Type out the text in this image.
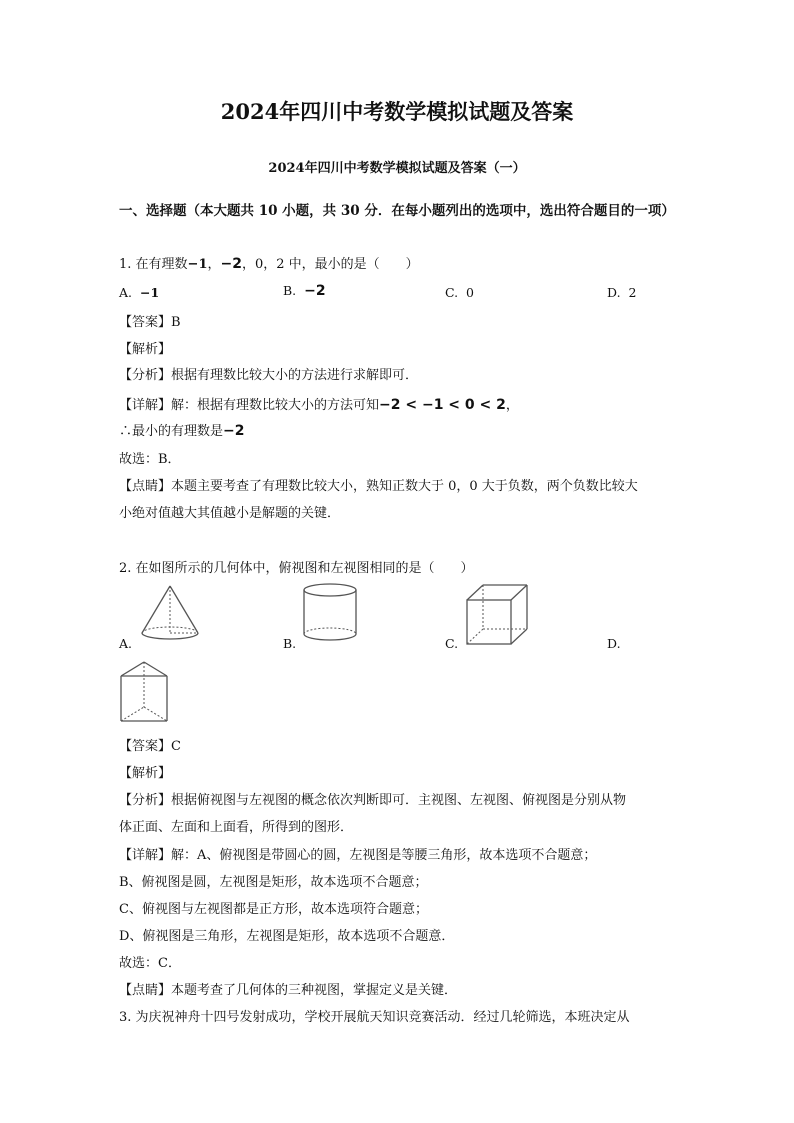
2024年四川中考数学模拟试题及答案
2024年四川中考数学模拟试题及答案（一）
一、选择题（本大题共 10 小题，共 30 分．在每小题列出的选项中，选出符合题目的一项）
1. 在有理数−1，−2，0，2 中，最小的是（　　）
A. −1	B. −2	C. 0	D. 2
【答案】B
【解析】
【分析】根据有理数比较大小的方法进行求解即可．
【详解】解：根据有理数比较大小的方法可知−2 < −1 < 0 < 2，
∴最小的有理数是−2
故选：B．
【点睛】本题主要考查了有理数比较大小，熟知正数大于 0，0 大于负数，两个负数比较大
小绝对值越大其值越小是解题的关键．
2. 在如图所示的几何体中，俯视图和左视图相同的是（　　）
A.	B.	C.	D.
【答案】C
【解析】
【分析】根据俯视图与左视图的概念依次判断即可．主视图、左视图、俯视图是分别从物
体正面、左面和上面看，所得到的图形．
【详解】解：A、俯视图是带圆心的圆，左视图是等腰三角形，故本选项不合题意；
B、俯视图是圆，左视图是矩形，故本选项不合题意；
C、俯视图与左视图都是正方形，故本选项符合题意；
D、俯视图是三角形，左视图是矩形，故本选项不合题意．
故选：C．
【点睛】本题考查了几何体的三种视图，掌握定义是关键．
3. 为庆祝神舟十四号发射成功，学校开展航天知识竞赛活动．经过几轮筛选，本班决定从
